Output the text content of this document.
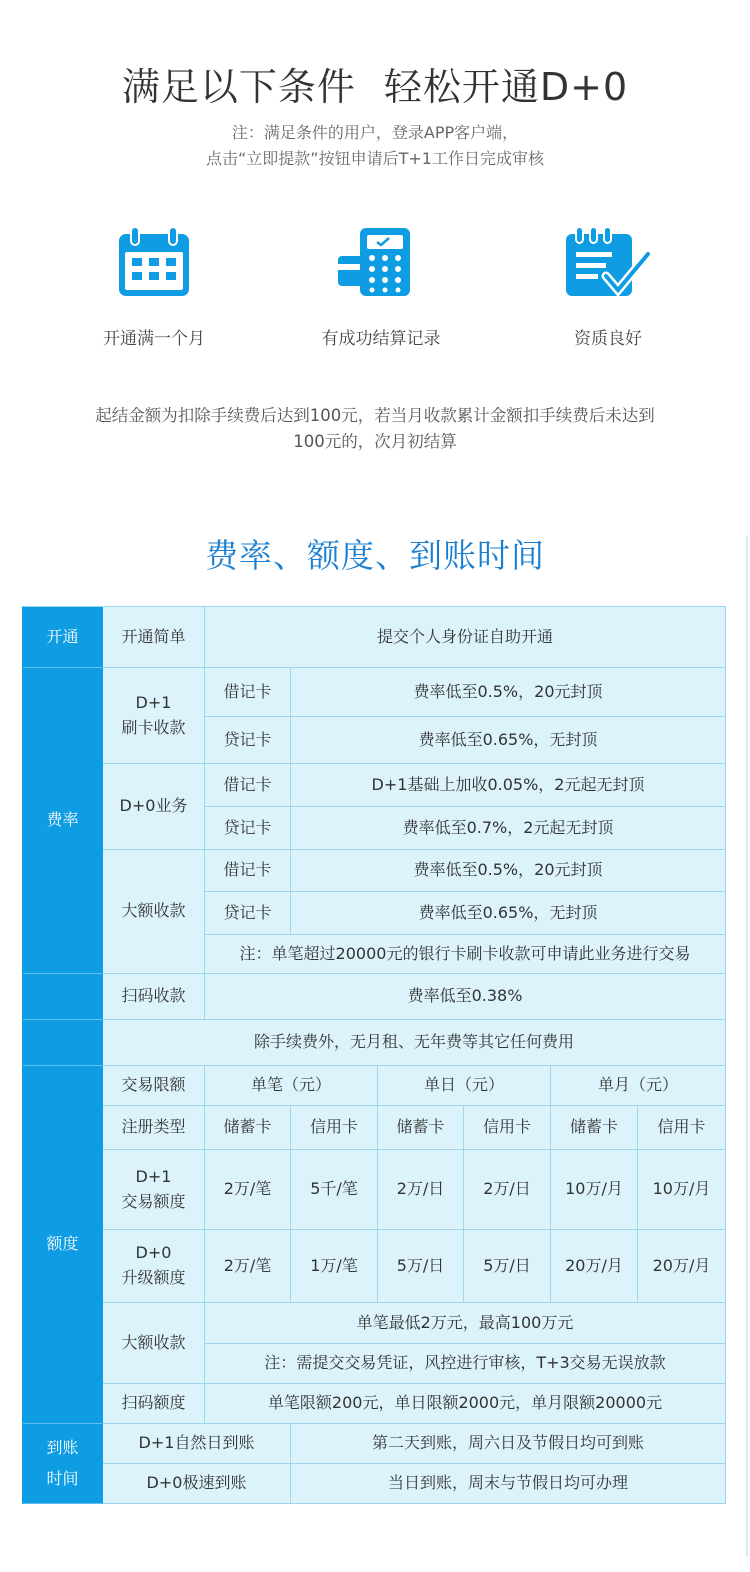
满足以下条件 轻松开通D+0
注：满足条件的用户，登录APP客户端，
点击“立即提款”按钮申请后T+1工作日完成审核
开通满一个月	有成功结算记录	资质良好
起结金额为扣除手续费后达到100元，若当月收款累计金额扣手续费后未达到
100元的，次月初结算
费率、额度、到账时间
开通	开通简单	提交个人身份证自助开通
费率
D+1
刷卡收款
借记卡	费率低至0.5%，20元封顶
贷记卡	费率低至0.65%，无封顶
D+0业务
借记卡	D+1基础上加收0.05%，2元起无封顶
贷记卡	费率低至0.7%，2元起无封顶
大额收款
借记卡	费率低至0.5%，20元封顶
贷记卡	费率低至0.65%，无封顶
注：单笔超过20000元的银行卡刷卡收款可申请此业务进行交易
扫码收款	费率低至0.38%
除手续费外，无月租、无年费等其它任何费用
额度
交易限额	单笔（元）	单日（元）	单月（元）
注册类型	储蓄卡	信用卡	储蓄卡	信用卡	储蓄卡	信用卡
D+1
交易额度
2万/笔	5千/笔	2万/日	2万/日	10万/月	10万/月
D+0
升级额度
2万/笔	1万/笔	5万/日	5万/日	20万/月	20万/月
大额收款
单笔最低2万元，最高100万元
注：需提交交易凭证，风控进行审核，T+3交易无误放款
扫码额度	单笔限额200元，单日限额2000元，单月限额20000元
到账
时间
D+1自然日到账	第二天到账，周六日及节假日均可到账
D+0极速到账	当日到账，周末与节假日均可办理
